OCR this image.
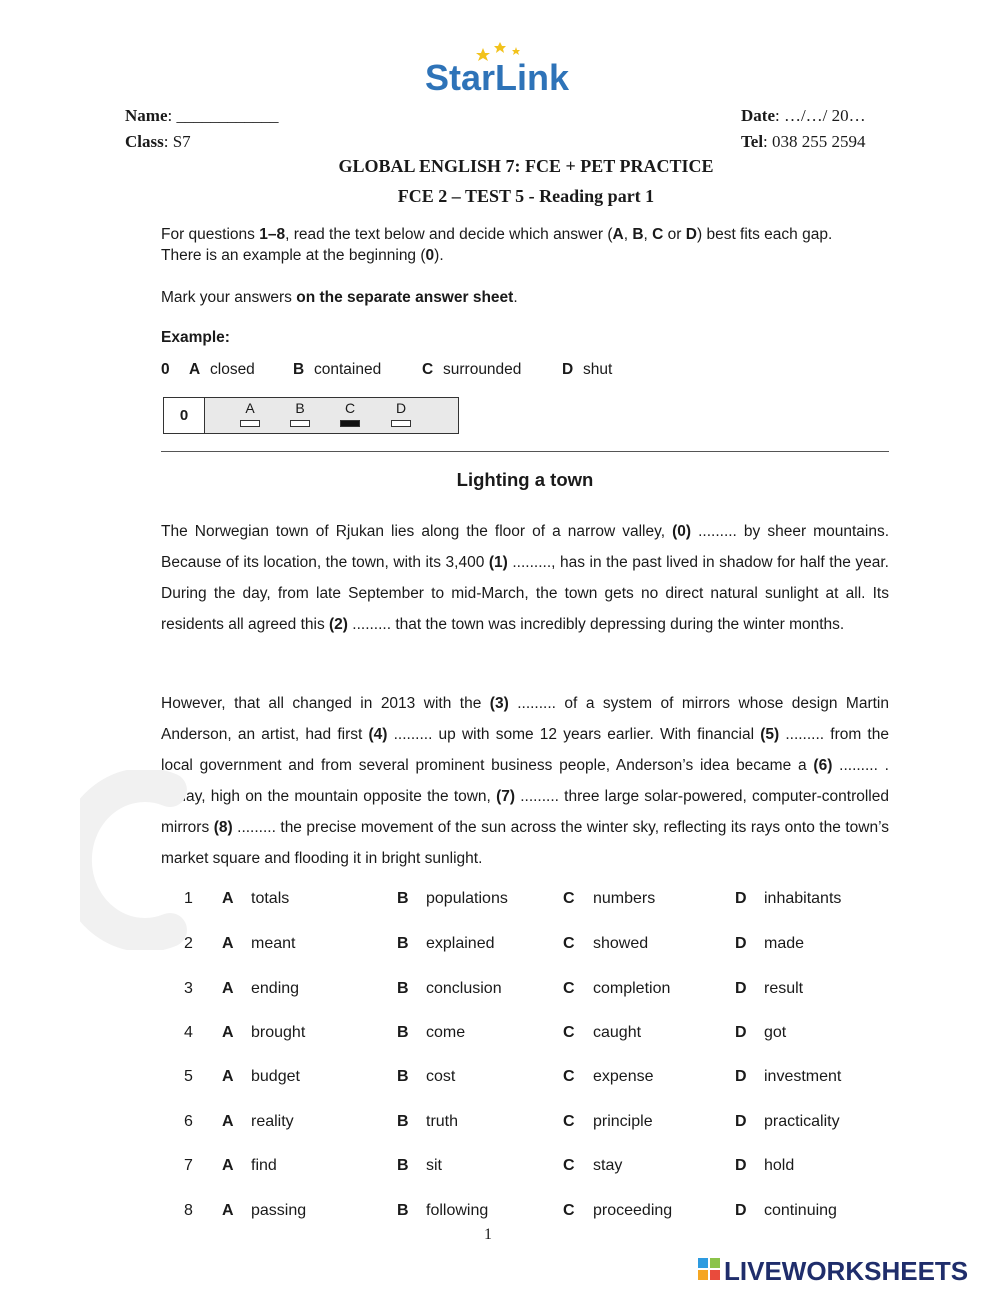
StarLink
Name: ____________
Class: S7
Date: …/…/ 20…
Tel: 038 255 2594
GLOBAL ENGLISH 7: FCE + PET PRACTICE
FCE 2 – TEST 5 - Reading part 1
For questions 1–8, read the text below and decide which answer (A, B, C or D) best fits each gap.
There is an example at the beginning (0).
Mark your answers on the separate answer sheet.
Example:
0 A closed B contained	C surrounded	D shut
0	A	B	C	D
Lighting a town
The Norwegian town of Rjukan lies along the floor of a narrow valley, (0) ......... by sheer mountains. Because of its location, the town, with its 3,400 (1) ........., has in the past lived in shadow for half the year. During the day, from late September to mid-March, the town gets no direct natural sunlight at all. Its residents all agreed this (2) ......... that the town was incredibly depressing during the winter months.
However, that all changed in 2013 with the (3) ......... of a system of mirrors whose design Martin Anderson, an artist, had first (4) ......... up with some 12 years earlier. With financial (5) ......... from the local government and from several prominent business people, Anderson’s idea became a (6) ......... . Today, high on the mountain opposite the town, (7) ......... three large solar-powered, computer-controlled mirrors (8) ......... the precise movement of the sun across the winter sky, reflecting its rays onto the town’s market square and flooding it in bright sunlight.
1 A totals	B populations	C numbers	D inhabitants
2 A meant	B explained	C showed	D made
3 A ending	B conclusion	C completion	D result
4 A brought	B come	C caught	D got
5 A budget	B cost	C expense	D investment
6 A reality	B truth	C principle	D practicality
7 A find	B sit	C stay	D hold
8 A passing	B following	C proceeding	D continuing
1
LIVEWORKSHEETS
